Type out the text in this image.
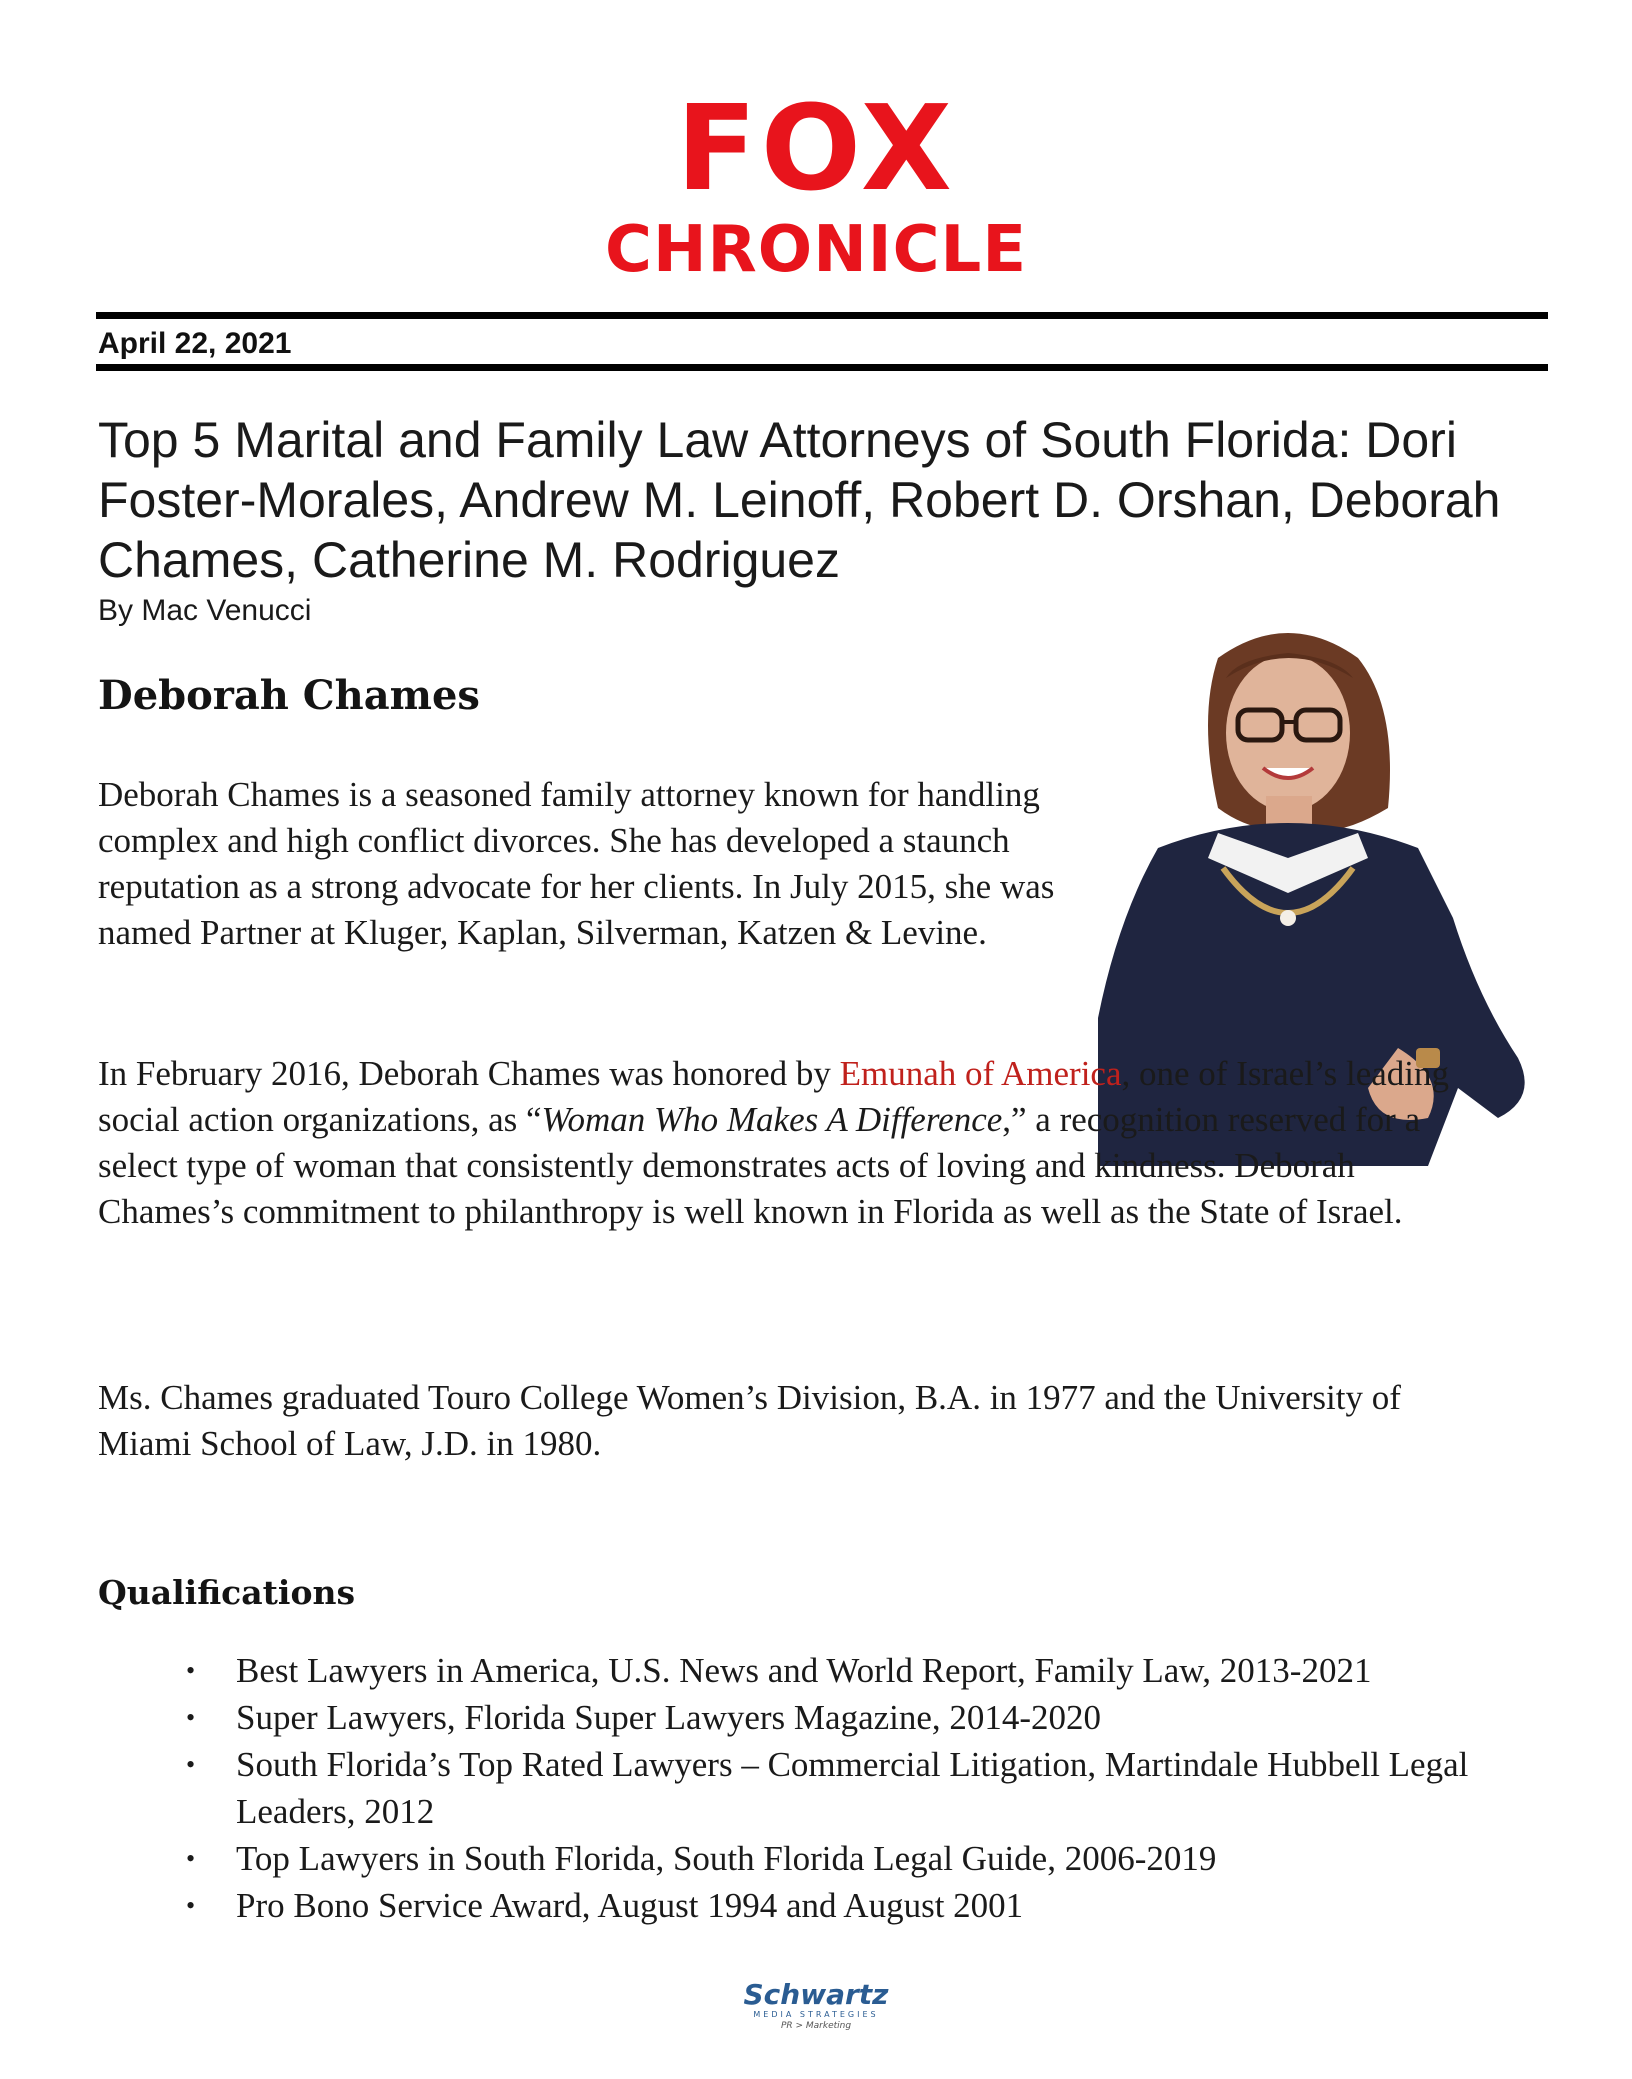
FOX
CHRONICLE
April 22, 2021
Top 5 Marital and Family Law Attorneys of South Florida: Dori Foster-Morales, Andrew M. Leinoff, Robert D. Orshan, Deborah Chames, Catherine M. Rodriguez
By Mac Venucci
Deborah Chames

Deborah Chames is a seasoned family attorney known for handling complex and high conflict divorces. She has developed a staunch reputation as a strong advocate for her clients. In July 2015, she was named Partner at Kluger, Kaplan, Silverman, Katzen & Levine.

In February 2016, Deborah Chames was honored by Emunah of America, one of Israel’s leading social action organizations, as “Woman Who Makes A Difference,” a recognition reserved for a select type of woman that consistently demonstrates acts of loving and kindness. Deborah Chames’s commitment to philanthropy is well known in Florida as well as the State of Israel.

Ms. Chames graduated Touro College Women’s Division, B.A. in 1977 and the University of Miami School of Law, J.D. in 1980.

Qualifications
• Best Lawyers in America, U.S. News and World Report, Family Law, 2013-2021
• Super Lawyers, Florida Super Lawyers Magazine, 2014-2020
• South Florida’s Top Rated Lawyers – Commercial Litigation, Martindale Hubbell Legal Leaders, 2012
• Top Lawyers in South Florida, South Florida Legal Guide, 2006-2019
• Pro Bono Service Award, August 1994 and August 2001
Schwartz
MEDIA STRATEGIES
PR > Marketing
